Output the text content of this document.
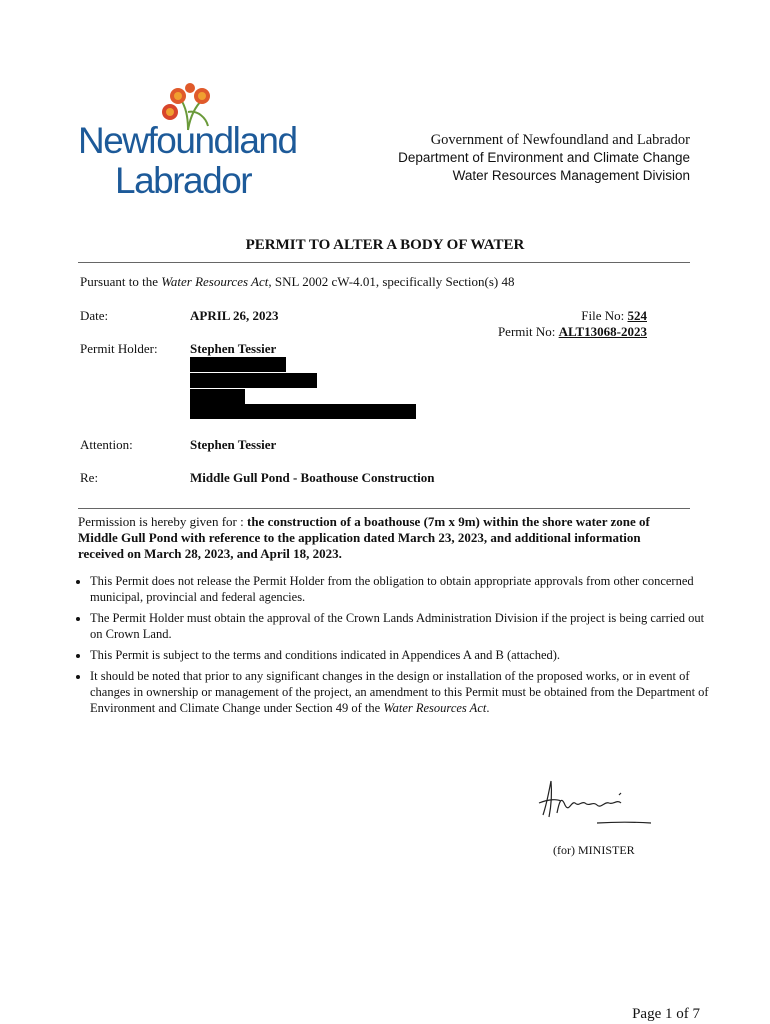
Newfoundland
Labrador
Government of Newfoundland and Labrador
Department of Environment and Climate Change
Water Resources Management Division
PERMIT TO ALTER A BODY OF WATER
Pursuant to the Water Resources Act, SNL 2002 cW-4.01, specifically Section(s) 48
Date:	APRIL 26, 2023	File No: 524
Permit No: ALT13068-2023
Permit Holder: Stephen Tessier
Attention:	Stephen Tessier
Re:	Middle Gull Pond - Boathouse Construction
Permission is hereby given for : the construction of a boathouse (7m x 9m) within the shore water zone of Middle Gull Pond with reference to the application dated March 23, 2023, and additional information received on March 28, 2023, and April 18, 2023.
• This Permit does not release the Permit Holder from the obligation to obtain appropriate approvals from other concerned municipal, provincial and federal agencies.
• The Permit Holder must obtain the approval of the Crown Lands Administration Division if the project is being carried out on Crown Land.
• This Permit is subject to the terms and conditions indicated in Appendices A and B (attached).
• It should be noted that prior to any significant changes in the design or installation of the proposed works, or in event of changes in ownership or management of the project, an amendment to this Permit must be obtained from the Department of Environment and Climate Change under Section 49 of the Water Resources Act.
(for) MINISTER
Page 1 of 7
